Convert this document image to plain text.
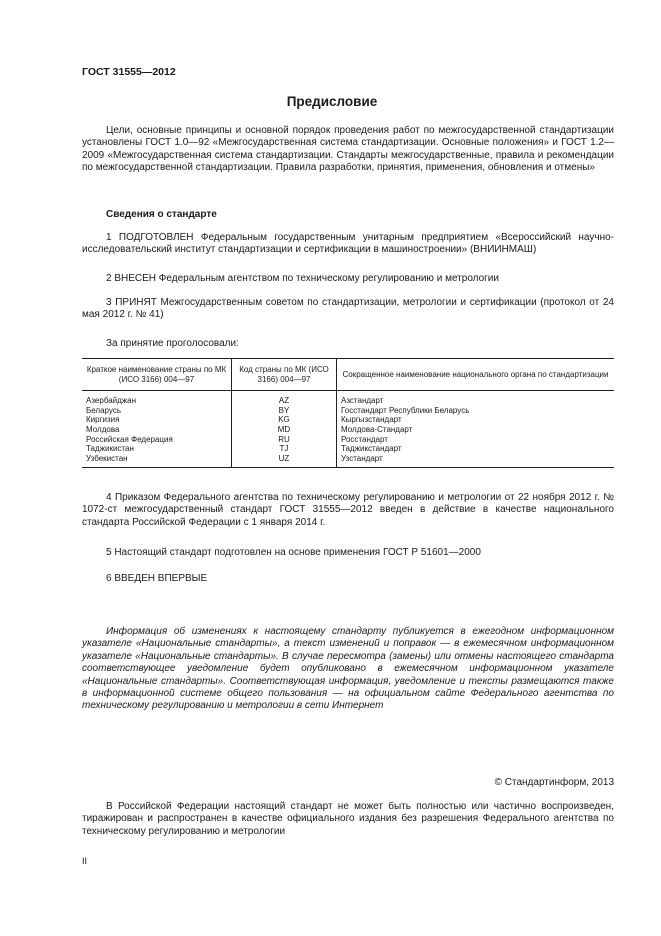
ГОСТ 31555—2012
Предисловие

Цели, основные принципы и основной порядок проведения работ по межгосударственной стандартизации установлены ГОСТ 1.0—92 «Межгосударственная система стандартизации. Основные положения» и ГОСТ 1.2—2009 «Межгосударственная система стандартизации. Стандарты межгосударственные, правила и рекомендации по межгосударственной стандартизации. Правила разработки, принятия, применения, обновления и отмены»

Сведения о стандарте

1 ПОДГОТОВЛЕН Федеральным государственным унитарным предприятием «Всероссийский научно-исследовательский институт стандартизации и сертификации в машиностроении» (ВНИИНМАШ)

2 ВНЕСЕН Федеральным агентством по техническому регулированию и метрологии

3 ПРИНЯТ Межгосударственным советом по стандартизации, метрологии и сертификации (протокол от 24 мая 2012 г. № 41)

За принятие проголосовали:
Краткое наименование страны по МК (ИСО 3166) 004—97	Код страны по МК (ИСО 3166) 004—97	Сокращенное наименование национального органа по стандартизации
Азербайджан	AZ	Азстандарт
Беларусь	BY	Госстандарт Республики Беларусь
Киргизия	KG	Кыргызстандарт
Молдова	MD	Молдова-Стандарт
Российская Федерация	RU	Росстандарт
Таджикистан	TJ	Таджикстандарт
Узбекистан	UZ	Узстандарт

4 Приказом Федерального агентства по техническому регулированию и метрологии от 22 ноября 2012 г. № 1072-ст межгосударственный стандарт ГОСТ 31555—2012 введен в действие в качестве национального стандарта Российской Федерации с 1 января 2014 г.

5 Настоящий стандарт подготовлен на основе применения ГОСТ Р 51601—2000
6 ВВЕДЕН ВПЕРВЫЕ

Информация об изменениях к настоящему стандарту публикуется в ежегодном информационном указателе «Национальные стандарты», а текст изменений и поправок — в ежемесячном информационном указателе «Национальные стандарты». В случае пересмотра (замены) или отмены настоящего стандарта соответствующее уведомление будет опубликовано в ежемесячном информационном указателе «Национальные стандарты». Соответствующая информация, уведомление и тексты размещаются также в информационной системе общего пользования — на официальном сайте Федерального агентства по техническому регулированию и метрологии в сети Интернет

© Стандартинформ, 2013

В Российской Федерации настоящий стандарт не может быть полностью или частично воспроизведен, тиражирован и распространен в качестве официального издания без разрешения Федерального агентства по техническому регулированию и метрологии

II
